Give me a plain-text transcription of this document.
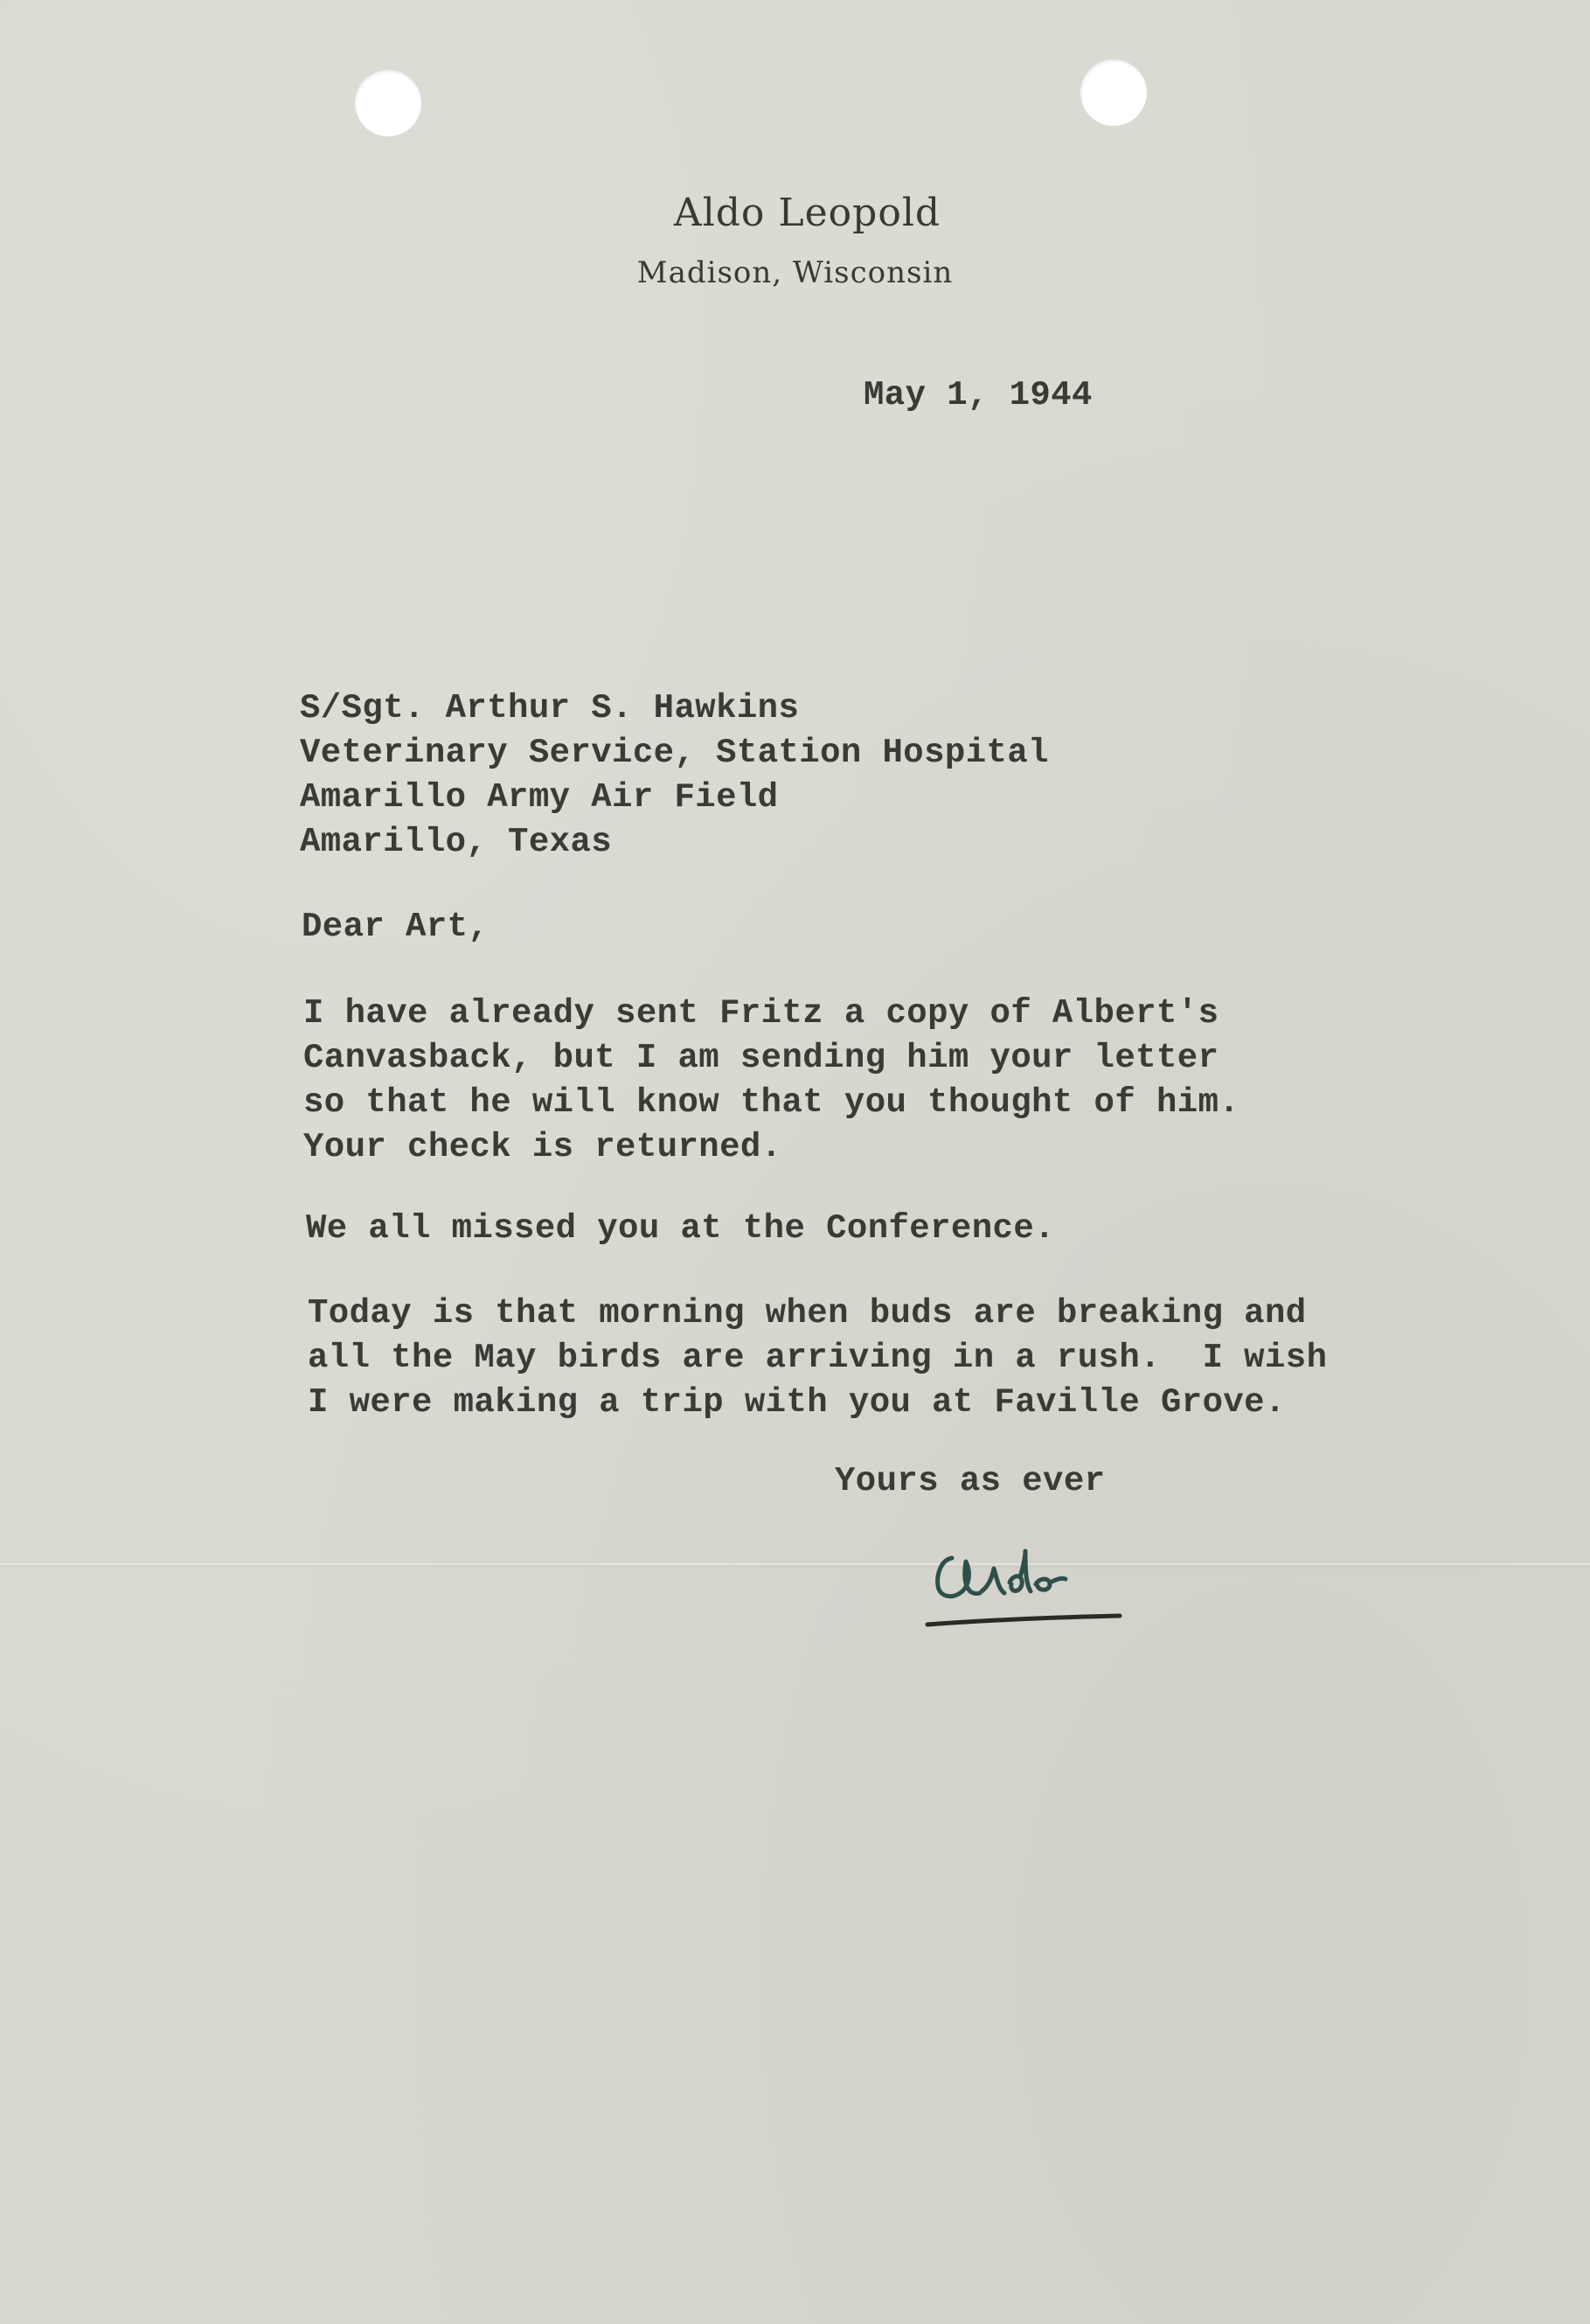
Aldo Leopold
Madison, Wisconsin
May 1, 1944
S/Sgt. Arthur S. Hawkins
Veterinary Service, Station Hospital
Amarillo Army Air Field
Amarillo, Texas
Dear Art,
I have already sent Fritz a copy of Albert's
Canvasback, but I am sending him your letter
so that he will know that you thought of him.
Your check is returned.
We all missed you at the Conference.
Today is that morning when buds are breaking and
all the May birds are arriving in a rush.  I wish
I were making a trip with you at Faville Grove.
Yours as ever
